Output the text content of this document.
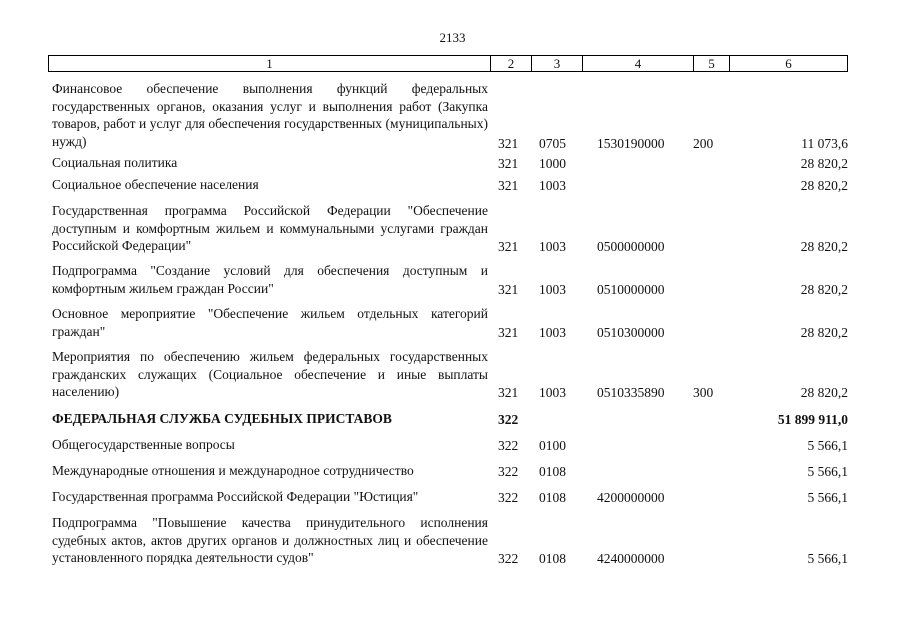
2133
1	2	3	4	5	6
Финансовое обеспечение выполнения функций федеральных государственных органов, оказания услуг и выполнения работ (Закупка товаров, работ и услуг для обеспечения государственных (муниципальных) нужд)	321 0705 1530190000 200	11 073,6
Социальная политика	321 1000	28 820,2
Социальное обеспечение населения	321 1003	28 820,2
Государственная программа Российской Федерации "Обеспечение доступным и комфортным жильем и коммунальными услугами граждан Российской Федерации"	321 1003 0500000000	28 820,2
Подпрограмма "Создание условий для обеспечения доступным и комфортным жильем граждан России"	321 1003 0510000000	28 820,2
Основное мероприятие "Обеспечение жильем отдельных категорий граждан"	321 1003 0510300000	28 820,2
Мероприятия по обеспечению жильем федеральных государственных гражданских служащих (Социальное обеспечение и иные выплаты населению)	321 1003 0510335890 300	28 820,2
ФЕДЕРАЛЬНАЯ СЛУЖБА СУДЕБНЫХ ПРИСТАВОВ	322	51 899 911,0
Общегосударственные вопросы	322 0100	5 566,1
Международные отношения и международное сотрудничество	322 0108	5 566,1
Государственная программа Российской Федерации "Юстиция"	322 0108 4200000000	5 566,1
Подпрограмма "Повышение качества принудительного исполнения судебных актов, актов других органов и должностных лиц и обеспечение установленного порядка деятельности судов"	322 0108 4240000000	5 566,1
